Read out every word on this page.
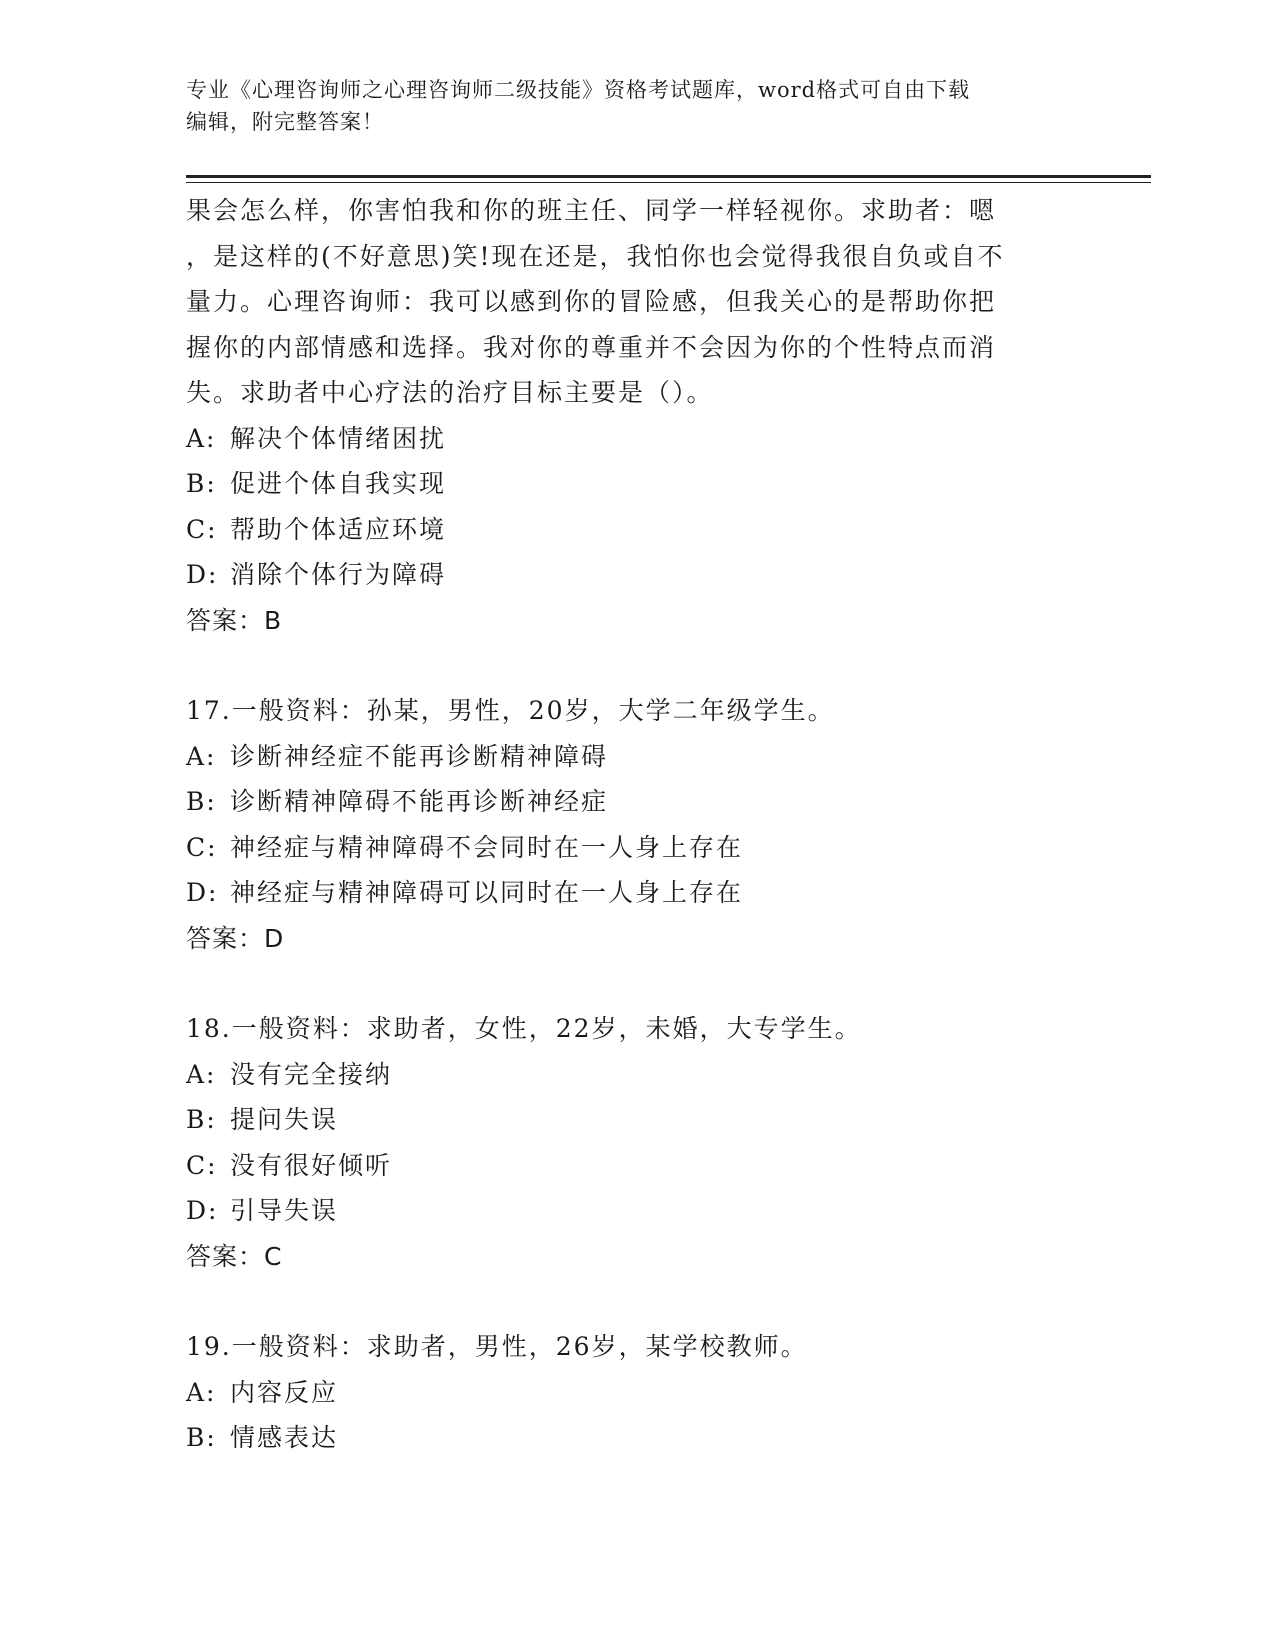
专业《心理咨询师之心理咨询师二级技能》资格考试题库，word格式可自由下载
编辑，附完整答案！
果会怎么样，你害怕我和你的班主任、同学一样轻视你。求助者：嗯
，是这样的(不好意思)笑!现在还是，我怕你也会觉得我很自负或自不
量力。心理咨询师：我可以感到你的冒险感，但我关心的是帮助你把
握你的内部情感和选择。我对你的尊重并不会因为你的个性特点而消
失。求助者中心疗法的治疗目标主要是（）。
A: 解决个体情绪困扰
B: 促进个体自我实现
C: 帮助个体适应环境
D: 消除个体行为障碍
答案：B
17.一般资料：孙某，男性，20岁，大学二年级学生。
A: 诊断神经症不能再诊断精神障碍
B: 诊断精神障碍不能再诊断神经症
C: 神经症与精神障碍不会同时在一人身上存在
D: 神经症与精神障碍可以同时在一人身上存在
答案：D
18.一般资料：求助者，女性，22岁，未婚，大专学生。
A: 没有完全接纳
B: 提问失误
C: 没有很好倾听
D: 引导失误
答案：C
19.一般资料：求助者，男性，26岁，某学校教师。
A: 内容反应
B: 情感表达
